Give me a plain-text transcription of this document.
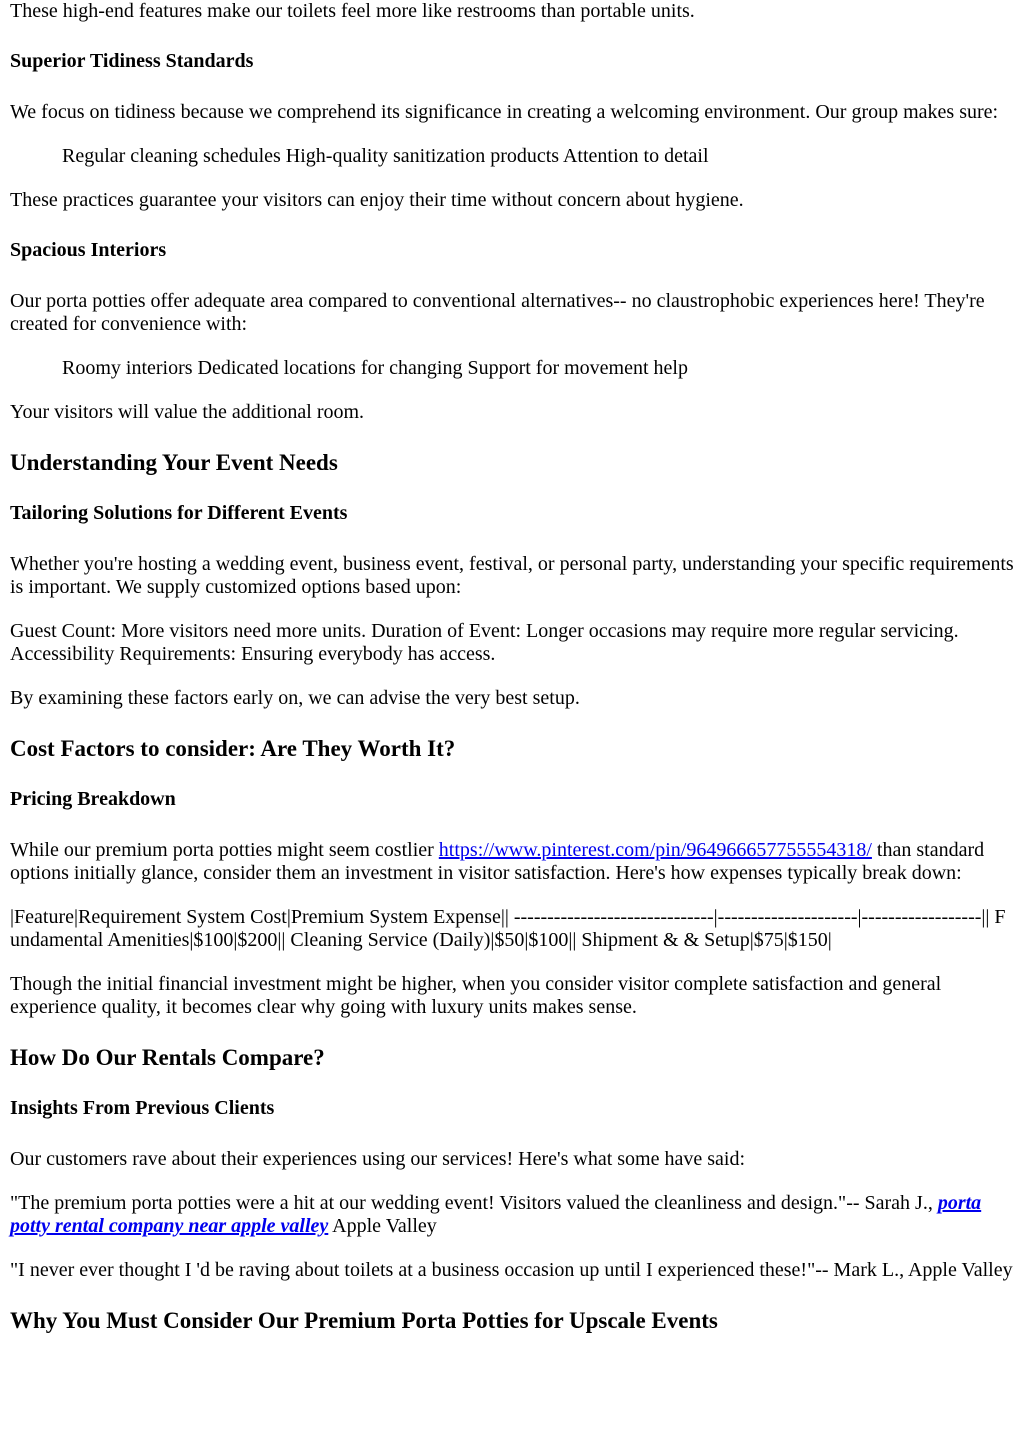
These high-end features make our toilets feel more like restrooms than portable units.

Superior Tidiness Standards

We focus on tidiness because we comprehend its significance in creating a welcoming environment. Our group makes sure:

Regular cleaning schedules High-quality sanitization products Attention to detail

These practices guarantee your visitors can enjoy their time without concern about hygiene.

Spacious Interiors

Our porta potties offer adequate area compared to conventional alternatives-- no claustrophobic experiences here! They're created for convenience with:

Roomy interiors Dedicated locations for changing Support for movement help

Your visitors will value the additional room.

Understanding Your Event Needs
Tailoring Solutions for Different Events

Whether you're hosting a wedding event, business event, festival, or personal party, understanding your specific requirements is important. We supply customized options based upon:

Guest Count: More visitors need more units. Duration of Event: Longer occasions may require more regular servicing. Accessibility Requirements: Ensuring everybody has access.

By examining these factors early on, we can advise the very best setup.

Cost Factors to consider: Are They Worth It?
Pricing Breakdown

While our premium porta potties might seem costlier https://www.pinterest.com/pin/964966657755554318/ than standard options initially glance, consider them an investment in visitor satisfaction. Here's how expenses typically break down:

|Feature|Requirement System Cost|Premium System Expense|| ------------------------------|---------------------|------------------|| Fundamental Amenities|$100|$200|| Cleaning Service (Daily)|$50|$100|| Shipment & & Setup|$75|$150|

Though the initial financial investment might be higher, when you consider visitor complete satisfaction and general experience quality, it becomes clear why going with luxury units makes sense.

How Do Our Rentals Compare?
Insights From Previous Clients

Our customers rave about their experiences using our services! Here's what some have said:

"The premium porta potties were a hit at our wedding event! Visitors valued the cleanliness and design."-- Sarah J., porta potty rental company near apple valley Apple Valley

"I never ever thought I 'd be raving about toilets at a business occasion up until I experienced these!"-- Mark L., Apple Valley

Why You Must Consider Our Premium Porta Potties for Upscale Events
